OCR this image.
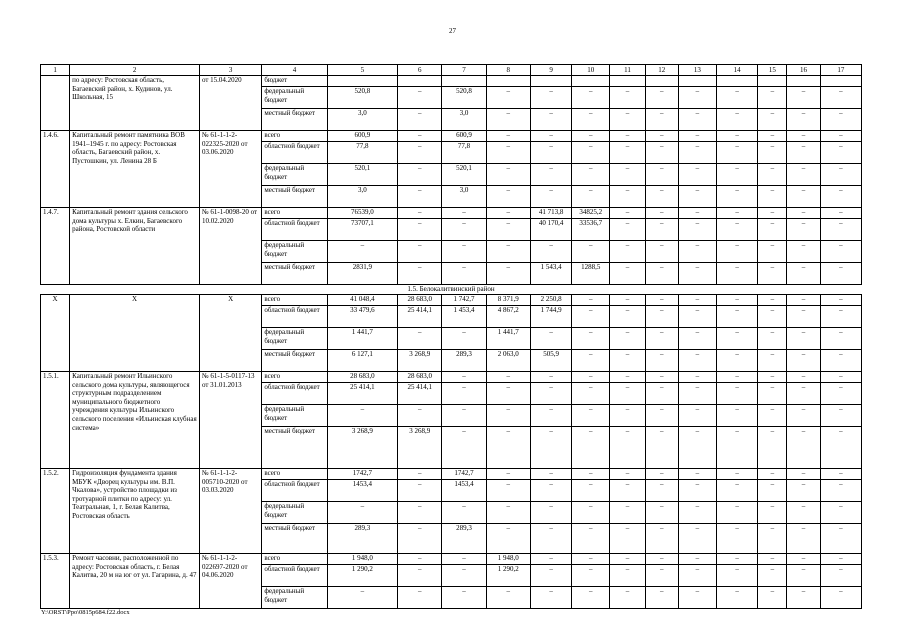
27
1	2	3	4	5	6	7	8	9	10	11	12	13	14	15	16	17
	по адресу: Ростовская область, Багаевский район, х. Кудинов, ул. Школьная, 15	от 15.04.2020	бюджет													
			федеральный бюджет	520,8	–	520,8	–	–	–	–	–	–	–	–	–	–
			местный бюджет	3,0	–	3,0	–	–	–	–	–	–	–	–	–	–
1.4.6.	Капитальный ремонт памятника ВОВ 1941–1945 г. по адресу: Ростовская область, Багаевский район, х. Пустошкин, ул. Ленина 28 Б	№ 61-1-1-2-022325-2020 от 03.06.2020	всего	600,9	–	600,9	–	–	–	–	–	–	–	–	–	–
			областной бюджет	77,8	–	77,8	–	–	–	–	–	–	–	–	–	–
			федеральный бюджет	520,1	–	520,1	–	–	–	–	–	–	–	–	–	–
			местный бюджет	3,0	–	3,0	–	–	–	–	–	–	–	–	–	–
1.4.7.	Капитальный ремонт здания сельского дома культуры х. Елкин, Багаевского района, Ростовской области	№ 61-1-0098-20 от 10.02.2020	всего	76539,0	–	–	–	41 713,8	34825,2	–	–	–	–	–	–	–
			областной бюджет	73707,1	–	–	–	40 170,4	33536,7	–	–	–	–	–	–	–
			федеральный бюджет	–	–	–	–	–	–	–	–	–	–	–	–	–
			местный бюджет	2831,9	–	–	–	1 543,4	1288,5	–	–	–	–	–	–	–
1.5. Белокалитвинский район																
Х	Х	Х	всего	41 048,4	28 683,0	1 742,7	8 371,9	2 250,8	–	–	–	–	–	–	–	–
			областной бюджет	33 479,6	25 414,1	1 453,4	4 867,2	1 744,9	–	–	–	–	–	–	–	–
			федеральный бюджет	1 441,7	–	–	1 441,7	–	–	–	–	–	–	–	–	–
			местный бюджет	6 127,1	3 268,9	289,3	2 063,0	505,9	–	–	–	–	–	–	–	–
1.5.1.	Капитальный ремонт Ильинского сельского дома культуры, являющегося структурным подразделением муниципального бюджетного учреждения культуры Ильинского сельского поселения «Ильинская клубная система»	№ 61-1-5-0117-13 от 31.01.2013	всего	28 683,0	28 683,0	–	–	–	–	–	–	–	–	–	–	–
			областной бюджет	25 414,1	25 414,1	–	–	–	–	–	–	–	–	–	–	–
			федеральный бюджет	–	–	–	–	–	–	–	–	–	–	–	–	–
			местный бюджет	3 268,9	3 268,9	–	–	–	–	–	–	–	–	–	–	–
1.5.2.	Гидроизоляция фундамента здания МБУК «Дворец культуры им. В.П. Чкалова», устройство площадки из тротуарной плитки по адресу: ул. Театральная, 1, г. Белая Калитва, Ростовская область	№ 61-1-1-2-005710-2020 от 03.03.2020	всего	1742,7	–	1742,7	–	–	–	–	–	–	–	–	–	–
			областной бюджет	1453,4	–	1453,4	–	–	–	–	–	–	–	–	–	–
			федеральный бюджет	–	–	–	–	–	–	–	–	–	–	–	–	–
			местный бюджет	289,3	–	289,3	–	–	–	–	–	–	–	–	–	–
1.5.3.	Ремонт часовни, расположенной по адресу: Ростовская область, г. Белая Калитва, 20 м на юг от ул. Гагарина, д. 47	№ 61-1-1-2-022697-2020 от 04.06.2020	всего	1 948,0	–	–	1 948,0	–	–	–	–	–	–	–	–	–
			областной бюджет	1 290,2	–	–	1 290,2	–	–	–	–	–	–	–	–	–
			федеральный бюджет	–	–	–	–	–	–	–	–	–	–	–	–	–
Y:\ORST\Ppo\0815p684.f22.docx
